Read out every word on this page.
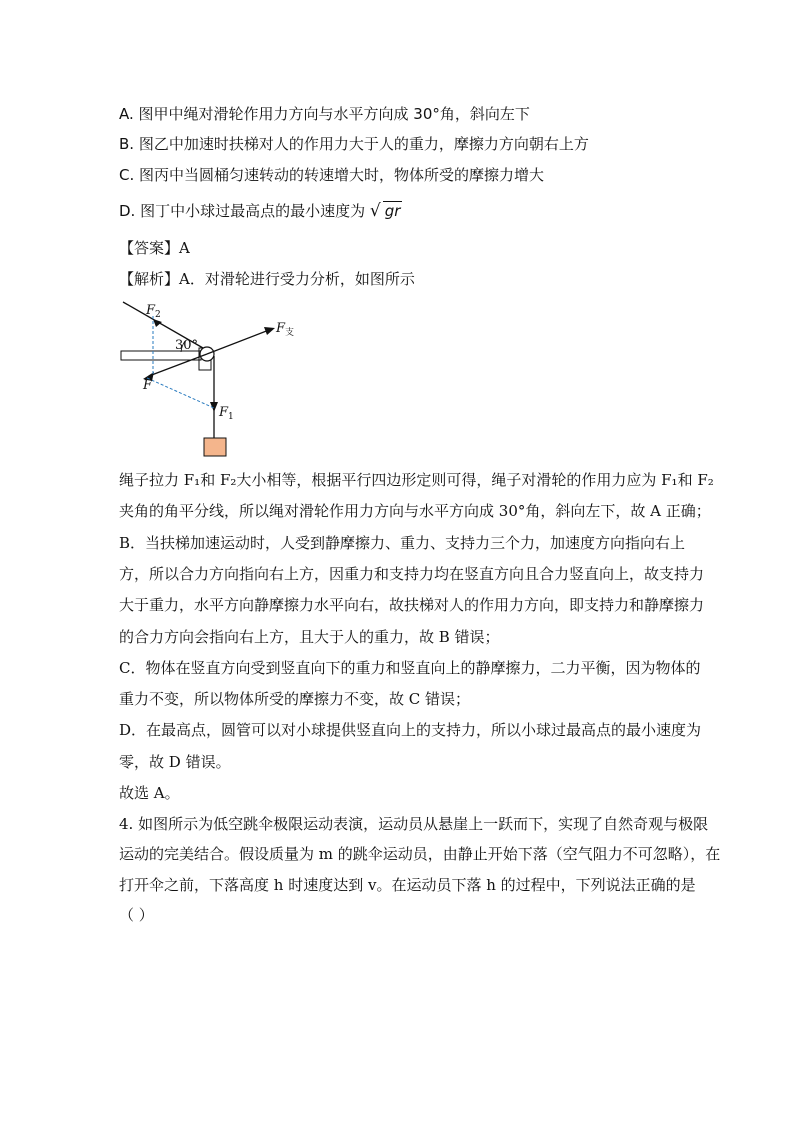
A. 图甲中绳对滑轮作用力方向与水平方向成 30°角，斜向左下
B. 图乙中加速时扶梯对人的作用力大于人的重力，摩擦力方向朝右上方
C. 图丙中当圆桶匀速转动的转速增大时，物体所受的摩擦力增大
D. 图丁中小球过最高点的最小速度为 √ gr
【答案】A
【解析】A．对滑轮进行受力分析，如图所示
$F_2$
30°
$F_支$
F
$F_1$
绳子拉力 F₁和 F₂大小相等，根据平行四边形定则可得，绳子对滑轮的作用力应为 F₁和 F₂
夹角的角平分线，所以绳对滑轮作用力方向与水平方向成 30°角，斜向左下，故 A 正确；
B．当扶梯加速运动时，人受到静摩擦力、重力、支持力三个力，加速度方向指向右上
方，所以合力方向指向右上方，因重力和支持力均在竖直方向且合力竖直向上，故支持力
大于重力，水平方向静摩擦力水平向右，故扶梯对人的作用力方向，即支持力和静摩擦力
的合力方向会指向右上方，且大于人的重力，故 B 错误；
C．物体在竖直方向受到竖直向下的重力和竖直向上的静摩擦力，二力平衡，因为物体的
重力不变，所以物体所受的摩擦力不变，故 C 错误；
D．在最高点，圆管可以对小球提供竖直向上的支持力，所以小球过最高点的最小速度为
零，故 D 错误。
故选 A。
4. 如图所示为低空跳伞极限运动表演，运动员从悬崖上一跃而下，实现了自然奇观与极限
运动的完美结合。假设质量为 m 的跳伞运动员，由静止开始下落（空气阻力不可忽略），在
打开伞之前，下落高度 h 时速度达到 v。在运动员下落 h 的过程中，下列说法正确的是
（ ）
